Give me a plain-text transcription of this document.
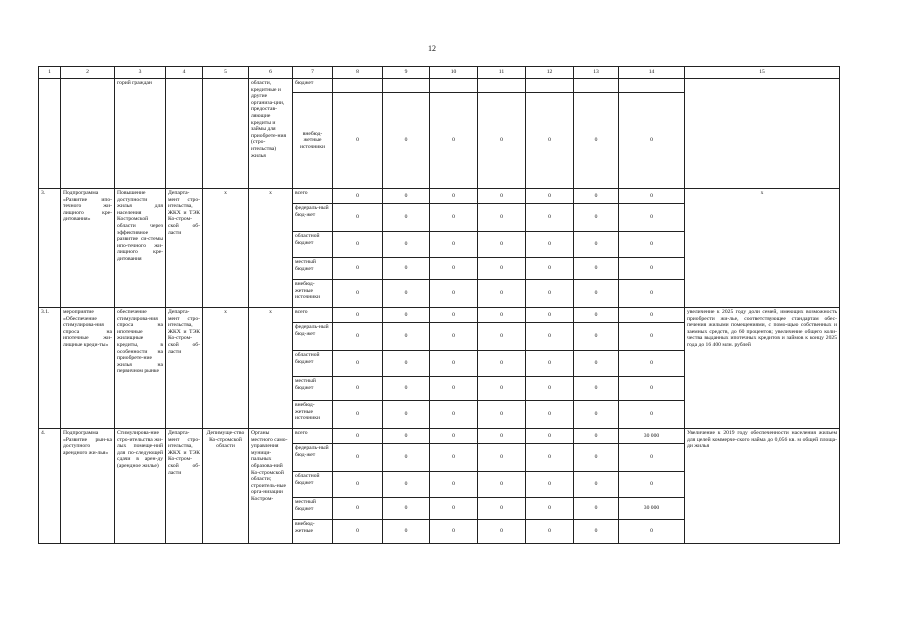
12
1	2	3	4	5	6	7	8	9	10	11	12	13	14	15
		горий граждан			области, кредитные и другие организа-ции, предостав-ляющие кредиты и займы для приобрете-ния (стро-ительства) жилья	бюджет								
						внебюд-жетные источники	0	0	0	0	0	0	0	
3.	Подпрограмма «Развитие ипо-течного жи-лищного кре-дитования»	Повышение доступности жилья для населения Костромской области через эффективное развитие си-стемы ипо-течного жи-лищного кре-дитования	Департа-мент стро-ительства, ЖКХ и ТЭК Ко-стром-ской об-ласти	х	х	всего	0	0	0	0	0	0	0	х
						федераль-ный бюд-жет	0	0	0	0	0	0	0	
						областной бюджет	0	0	0	0	0	0	0	
						местный бюджет	0	0	0	0	0	0	0	
						внебюд-жетные источники	0	0	0	0	0	0	0	
3.1.	мероприятие «Обеспечение стимулирова-ния спроса на ипотечные жи-лищные креди-ты»	обеспечение стимулирова-ния спроса на ипотечные жилищные кредиты, в особенности на приобрете-ние жилья на первичном рынке	Департа-мент стро-ительства, ЖКХ и ТЭК Ко-стром-ской об-ласти	х	х	всего	0	0	0	0	0	0	0	увеличение к 2025 году доли семей, имеющих возможность приобрести жи-лье, соответствующее стандартам обес-печения жилыми помещениями, с помо-щью собственных и заемных средств, до 60 процентов; увеличение общего коли-чества выданных ипотечных кредитов и займов к концу 2025 года до 16 400 млн. рублей
						федераль-ный бюд-жет	0	0	0	0	0	0	0	
						областной бюджет	0	0	0	0	0	0	0	
						местный бюджет	0	0	0	0	0	0	0	
						внебюд-жетные источники	0	0	0	0	0	0	0	
4.	Подпрограмма «Развитие рын-ка доступного арендного жи-лья»	Стимулирова-ние стро-ительства жи-лых помеще-ний для по-следующей сдачи в арен-ду (арендное жилье)	Департа-мент стро-ительства, ЖКХ и ТЭК Ко-стром-ской об-ласти	Депимуще-ство Ко-стромской области	Органы местного само-управления муници-пальных образова-ний Ко-стромской области; строитель-ные орга-низации Костром-	всего	0	0	0	0	0	0	30 000	Увеличение к 2019 году обеспеченности населения жильем для целей коммерче-ского найма до 0,056 кв. м общей площа-ди жилья
						федераль-ный бюд-жет	0	0	0	0	0	0	0	
						областной бюджет	0	0	0	0	0	0	0	
						местный бюджет	0	0	0	0	0	0	30 000	
						внебюд-жетные	0	0	0	0	0	0	0	
